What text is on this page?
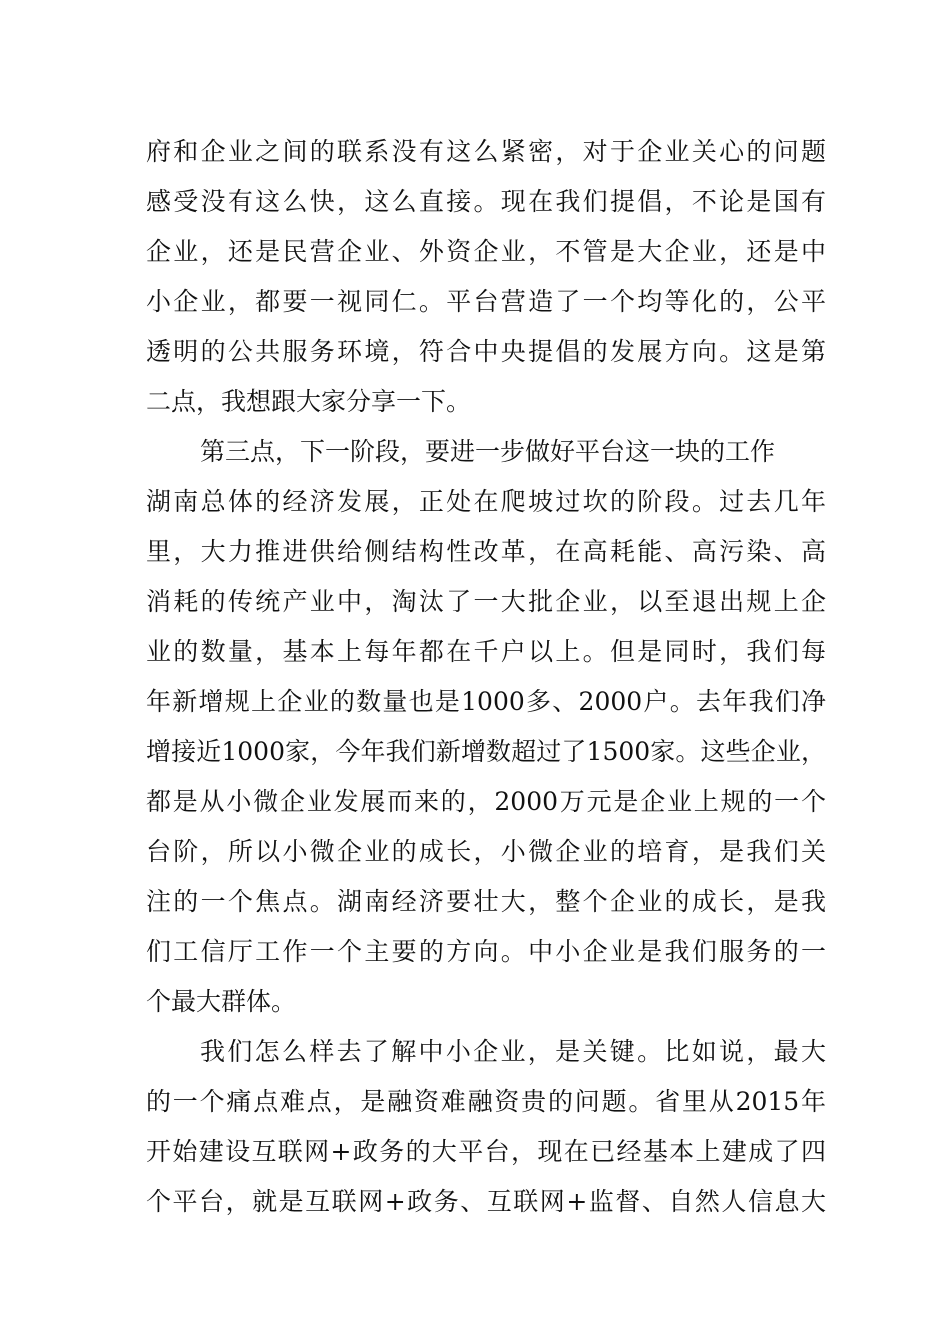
府和企业之间的联系没有这么紧密，对于企业关心的问题
感受没有这么快，这么直接。现在我们提倡，不论是国有
企业，还是民营企业、外资企业，不管是大企业，还是中
小企业，都要一视同仁。平台营造了一个均等化的，公平
透明的公共服务环境，符合中央提倡的发展方向。这是第
二点，我想跟大家分享一下。
第三点，下一阶段，要进一步做好平台这一块的工作
湖南总体的经济发展，正处在爬坡过坎的阶段。过去几年
里，大力推进供给侧结构性改革，在高耗能、高污染、高
消耗的传统产业中，淘汰了一大批企业，以至退出规上企
业的数量，基本上每年都在千户以上。但是同时，我们每
年新增规上企业的数量也是1000多、2000户。去年我们净
增接近1000家，今年我们新增数超过了1500家。这些企业，
都是从小微企业发展而来的，2000万元是企业上规的一个
台阶，所以小微企业的成长，小微企业的培育，是我们关
注的一个焦点。湖南经济要壮大，整个企业的成长，是我
们工信厅工作一个主要的方向。中小企业是我们服务的一
个最大群体。
我们怎么样去了解中小企业，是关键。比如说，最大
的一个痛点难点，是融资难融资贵的问题。省里从2015年
开始建设互联网+政务的大平台，现在已经基本上建成了四
个平台，就是互联网+政务、互联网+监督、自然人信息大
